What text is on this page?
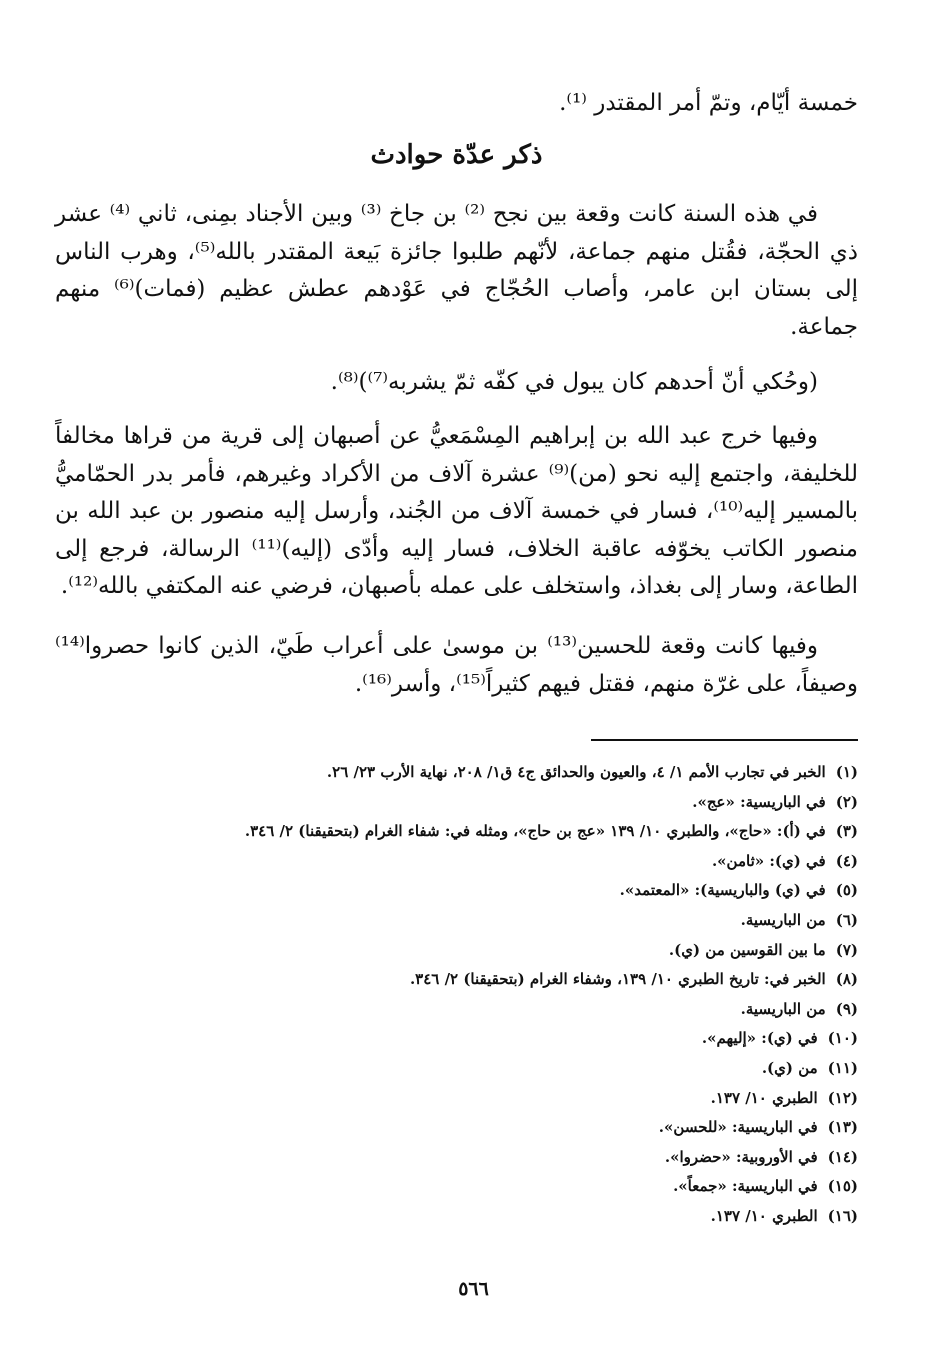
خمسة أيّام، وتمّ أمر المقتدر ⁽¹⁾.
ذكر عدّة حوادث
في هذه السنة كانت وقعة بين نجح ⁽²⁾ بن جاخ ⁽³⁾ وبين الأجناد بمِنى، ثاني ⁽⁴⁾ عشر ذي الحجّة، فقُتل منهم جماعة، لأنّهم طلبوا جائزة بَيعة المقتدر بالله⁽⁵⁾، وهرب الناس إلى بستان ابن عامر، وأصاب الحُجّاج في عَوْدهم عطش عظيم (فمات)⁽⁶⁾ منهم جماعة.
(وحُكي أنّ أحدهم كان يبول في كفّه ثمّ يشربه⁽⁷⁾)⁽⁸⁾.
وفيها خرج عبد الله بن إبراهيم المِسْمَعيُّ عن أصبهان إلى قرية من قراها مخالفاً للخليفة، واجتمع إليه نحو (من)⁽⁹⁾ عشرة آلاف من الأكراد وغيرهم، فأمر بدر الحمّاميُّ بالمسير إليه⁽¹⁰⁾، فسار في خمسة آلاف من الجُند، وأرسل إليه منصور بن عبد الله بن منصور الكاتب يخوّفه عاقبة الخلاف، فسار إليه وأدّى (إليه)⁽¹¹⁾ الرسالة، فرجع إلى الطاعة، وسار إلى بغداذ، واستخلف على عمله بأصبهان، فرضي عنه المكتفي بالله⁽¹²⁾.
وفيها كانت وقعة للحسين⁽¹³⁾ بن موسىٰ على أعراب طَيّ، الذين كانوا حصروا⁽¹⁴⁾ وصيفاً، على غرّة منهم، فقتل فيهم كثيراً⁽¹⁵⁾، وأسر⁽¹⁶⁾.
(١)الخبر في تجارب الأمم ١/ ٤، والعيون والحدائق ج٤ ق١/ ٢٠٨، نهاية الأرب ٢٣/ ٢٦.
(٢)في الباريسية: «عج».
(٣)في (أ): «حاج»، والطبري ١٠/ ١٣٩ «عج بن حاج»، ومثله في: شفاء الغرام (بتحقيقنا) ٢/ ٣٤٦.
(٤)في (ي): «ثامن».
(٥)في (ي) والباريسية): «المعتمد».
(٦)من الباريسية.
(٧)ما بين القوسين من (ي).
(٨)الخبر في: تاريخ الطبري ١٠/ ١٣٩، وشفاء الغرام (بتحقيقنا) ٢/ ٣٤٦.
(٩)من الباريسية.
(١٠)في (ي): «إليهم».
(١١)من (ي).
(١٢)الطبري ١٠/ ١٣٧.
(١٣)في الباريسية: «للحسن».
(١٤)في الأوروبية: «حضروا».
(١٥)في الباريسية: «جمعاً».
(١٦)الطبري ١٠/ ١٣٧.
٥٦٦
